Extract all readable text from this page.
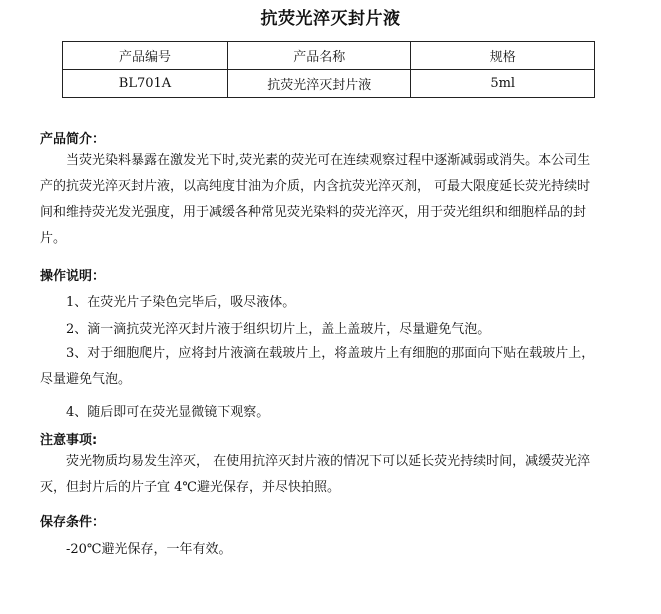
抗荧光淬灭封片液
产品编号	产品名称	规格
BL701A	抗荧光淬灭封片液	5ml
产品简介：
当荧光染料暴露在激发光下时,荧光素的荧光可在连续观察过程中逐渐减弱或消失。本公司生产的抗荧光淬灭封片液，以高纯度甘油为介质，内含抗荧光淬灭剂， 可最大限度延长荧光持续时间和维持荧光发光强度，用于减缓各种常见荧光染料的荧光淬灭，用于荧光组织和细胞样品的封片。
操作说明：
1、在荧光片子染色完毕后，吸尽液体。
2、滴一滴抗荧光淬灭封片液于组织切片上，盖上盖玻片，尽量避免气泡。
3、对于细胞爬片，应将封片液滴在载玻片上，将盖玻片上有细胞的那面向下贴在载玻片上，尽量避免气泡。
4、随后即可在荧光显微镜下观察。
注意事项:
荧光物质均易发生淬灭， 在使用抗淬灭封片液的情况下可以延长荧光持续时间，减缓荧光淬灭，但封片后的片子宜 4℃避光保存，并尽快拍照。
保存条件：
-20℃避光保存，一年有效。
